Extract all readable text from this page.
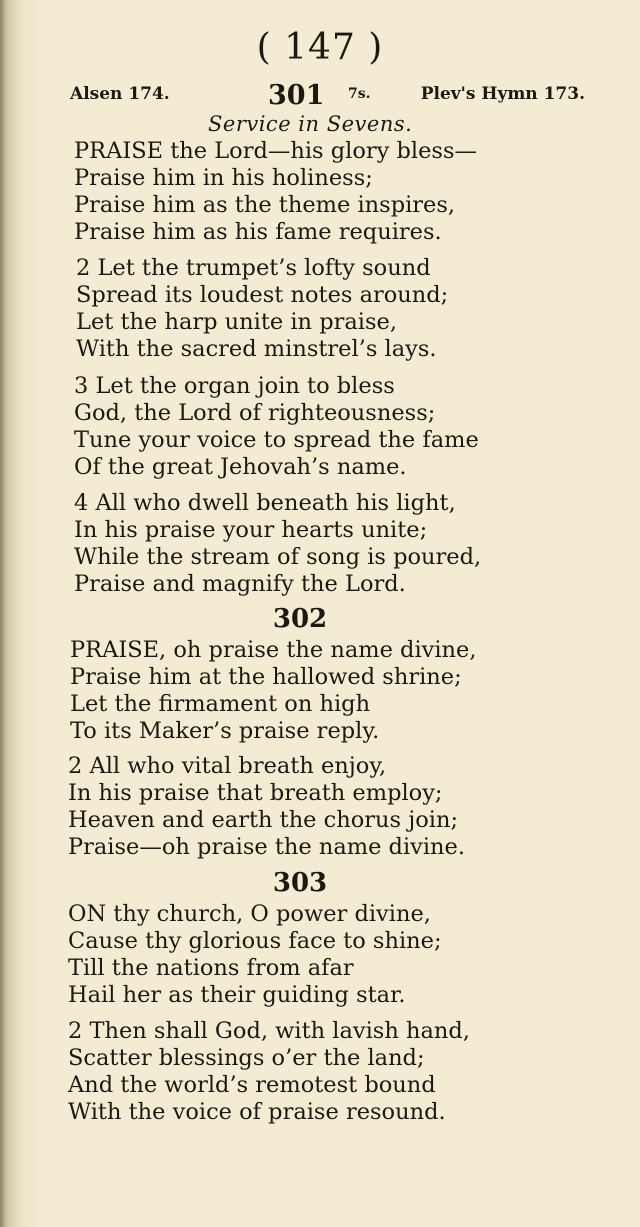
( 147 )
Alsen 174.	301 7s.	Plev's Hymn 173.
Service in Sevens.
PRAISE the Lord—his glory bless—
Praise him in his holiness;
Praise him as the theme inspires,
Praise him as his fame requires.
2 Let the trumpet’s lofty sound
Spread its loudest notes around;
Let the harp unite in praise,
With the sacred minstrel’s lays.
3 Let the organ join to bless
God, the Lord of righteousness;
Tune your voice to spread the fame
Of the great Jehovah’s name.
4 All who dwell beneath his light,
In his praise your hearts unite;
While the stream of song is poured,
Praise and magnify the Lord.
302
PRAISE, oh praise the name divine,
Praise him at the hallowed shrine;
Let the firmament on high
To its Maker’s praise reply.
2 All who vital breath enjoy,
In his praise that breath employ;
Heaven and earth the chorus join;
Praise—oh praise the name divine.
303
ON thy church, O power divine,
Cause thy glorious face to shine;
Till the nations from afar
Hail her as their guiding star.
2 Then shall God, with lavish hand,
Scatter blessings o’er the land;
And the world’s remotest bound
With the voice of praise resound.
